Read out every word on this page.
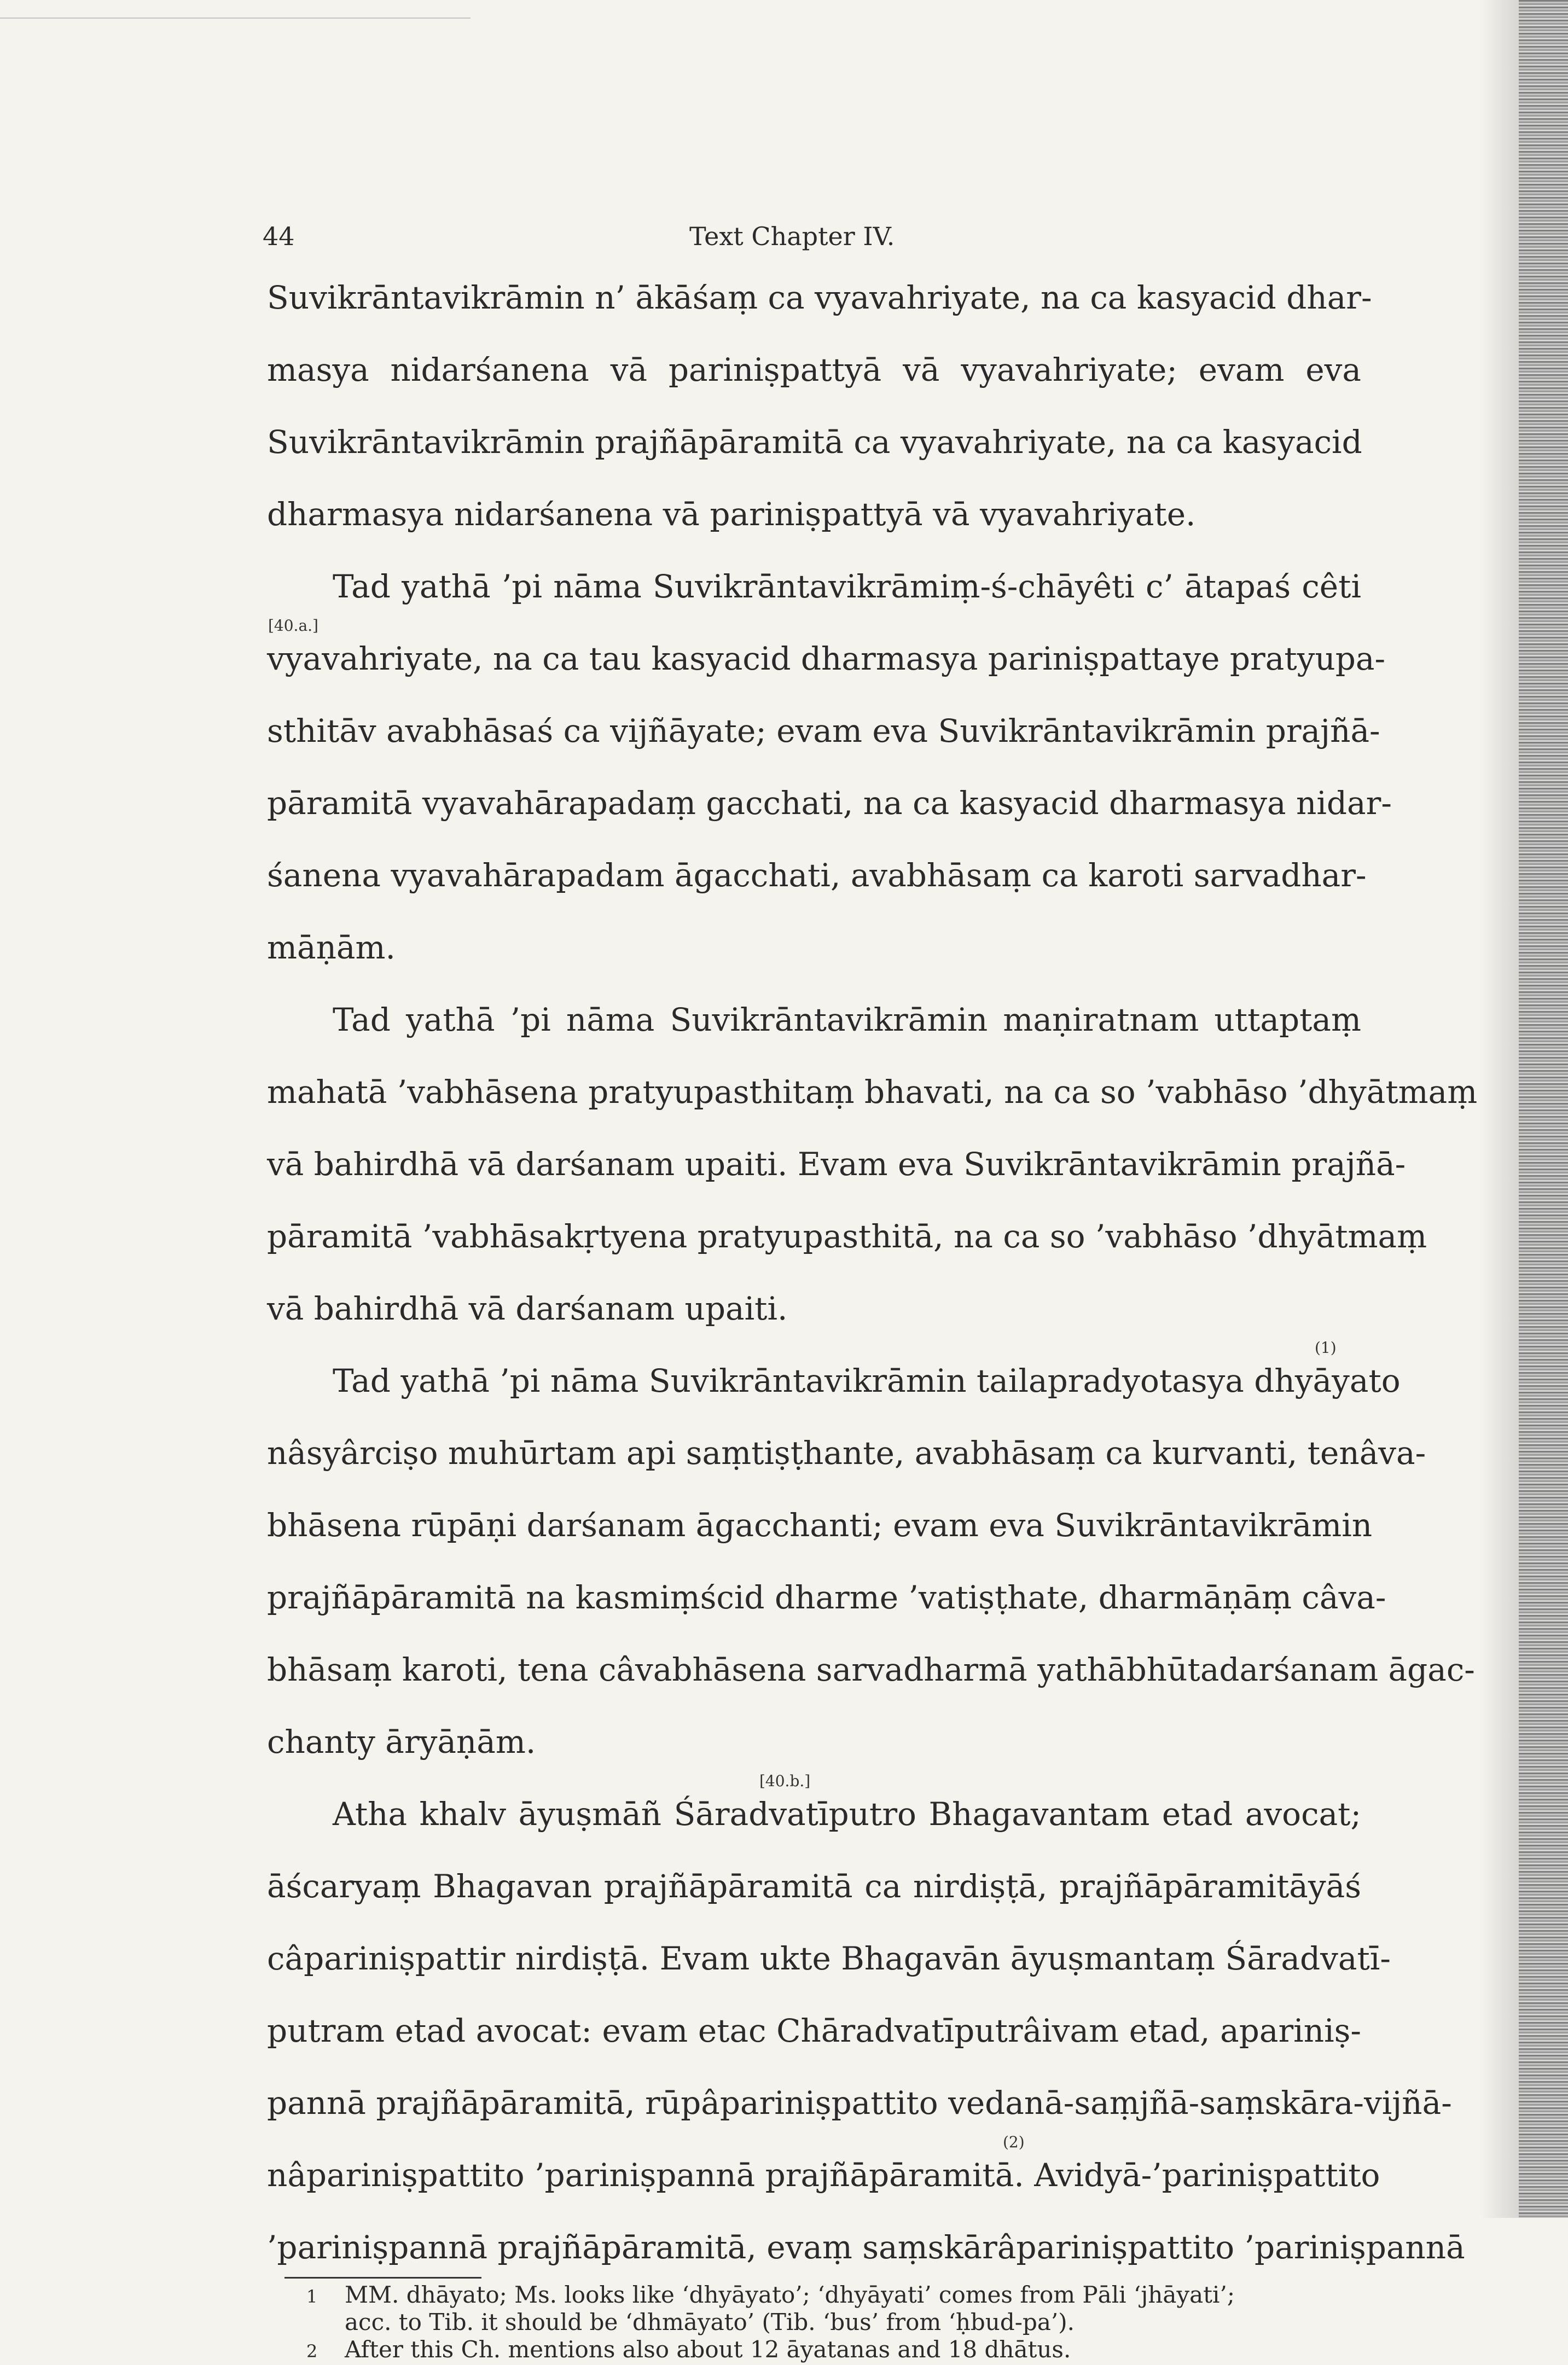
44	Text Chapter IV.
Suvikrāntavikrāmin n’ ākāśaṃ ca vyavahriyate, na ca kasyacid dhar-
masya nidarśanena vā pariniṣpattyā vā vyavahriyate; evam eva
Suvikrāntavikrāmin prajñāpāramitā ca vyavahriyate, na ca kasyacid
dharmasya nidarśanena vā pariniṣpattyā vā vyavahriyate.
Tad yathā ’pi nāma Suvikrāntavikrāmiṃ-ś-chāyêti c’ ātapaś cêti
[40.a.]
vyavahriyate, na ca tau kasyacid dharmasya pariniṣpattaye pratyupa-
sthitāv avabhāsaś ca vijñāyate; evam eva Suvikrāntavikrāmin prajñā-
pāramitā vyavahārapadaṃ gacchati, na ca kasyacid dharmasya nidar-
śanena vyavahārapadam āgacchati, avabhāsaṃ ca karoti sarvadhar-
māṇām.
Tad yathā ’pi nāma Suvikrāntavikrāmin maṇiratnam uttaptaṃ
mahatā ’vabhāsena pratyupasthitaṃ bhavati, na ca so ’vabhāso ’dhyātmaṃ
vā bahirdhā vā darśanam upaiti. Evam eva Suvikrāntavikrāmin prajñā-
pāramitā ’vabhāsakṛtyena pratyupasthitā, na ca so ’vabhāso ’dhyātmaṃ
vā bahirdhā vā darśanam upaiti.
(1)
Tad yathā ’pi nāma Suvikrāntavikrāmin tailapradyotasya dhyāyato
nâsyârciṣo muhūrtam api saṃtiṣṭhante, avabhāsaṃ ca kurvanti, tenâva-
bhāsena rūpāṇi darśanam āgacchanti; evam eva Suvikrāntavikrāmin
prajñāpāramitā na kasmiṃścid dharme ’vatiṣṭhate, dharmāṇāṃ câva-
bhāsaṃ karoti, tena câvabhāsena sarvadharmā yathābhūtadarśanam āgac-
chanty āryāṇām.
[40.b.]
Atha khalv āyuṣmāñ Śāradvatīputro Bhagavantam etad avocat;
āścaryaṃ Bhagavan prajñāpāramitā ca nirdiṣṭā, prajñāpāramitāyāś
câpariniṣpattir nirdiṣṭā. Evam ukte Bhagavān āyuṣmantaṃ Śāradvatī-
putram etad avocat: evam etac Chāradvatīputrâivam etad, apariniṣ-
pannā prajñāpāramitā, rūpâpariniṣpattito vedanā-saṃjñā-saṃskāra-vijñā-
(2)
nâpariniṣpattito ’pariniṣpannā prajñāpāramitā. Avidyā-’pariniṣpattito
’pariniṣpannā prajñāpāramitā, evaṃ saṃskārâpariniṣpattito ’pariniṣpannā
1 MM. dhāyato; Ms. looks like ‘dhyāyato’; ‘dhyāyati’ comes from Pāli ‘jhāyati’;
acc. to Tib. it should be ‘dhmāyato’ (Tib. ‘bus’ from ‘ḥbud-pa’).
2 After this Ch. mentions also about 12 āyatanas and 18 dhātus.
